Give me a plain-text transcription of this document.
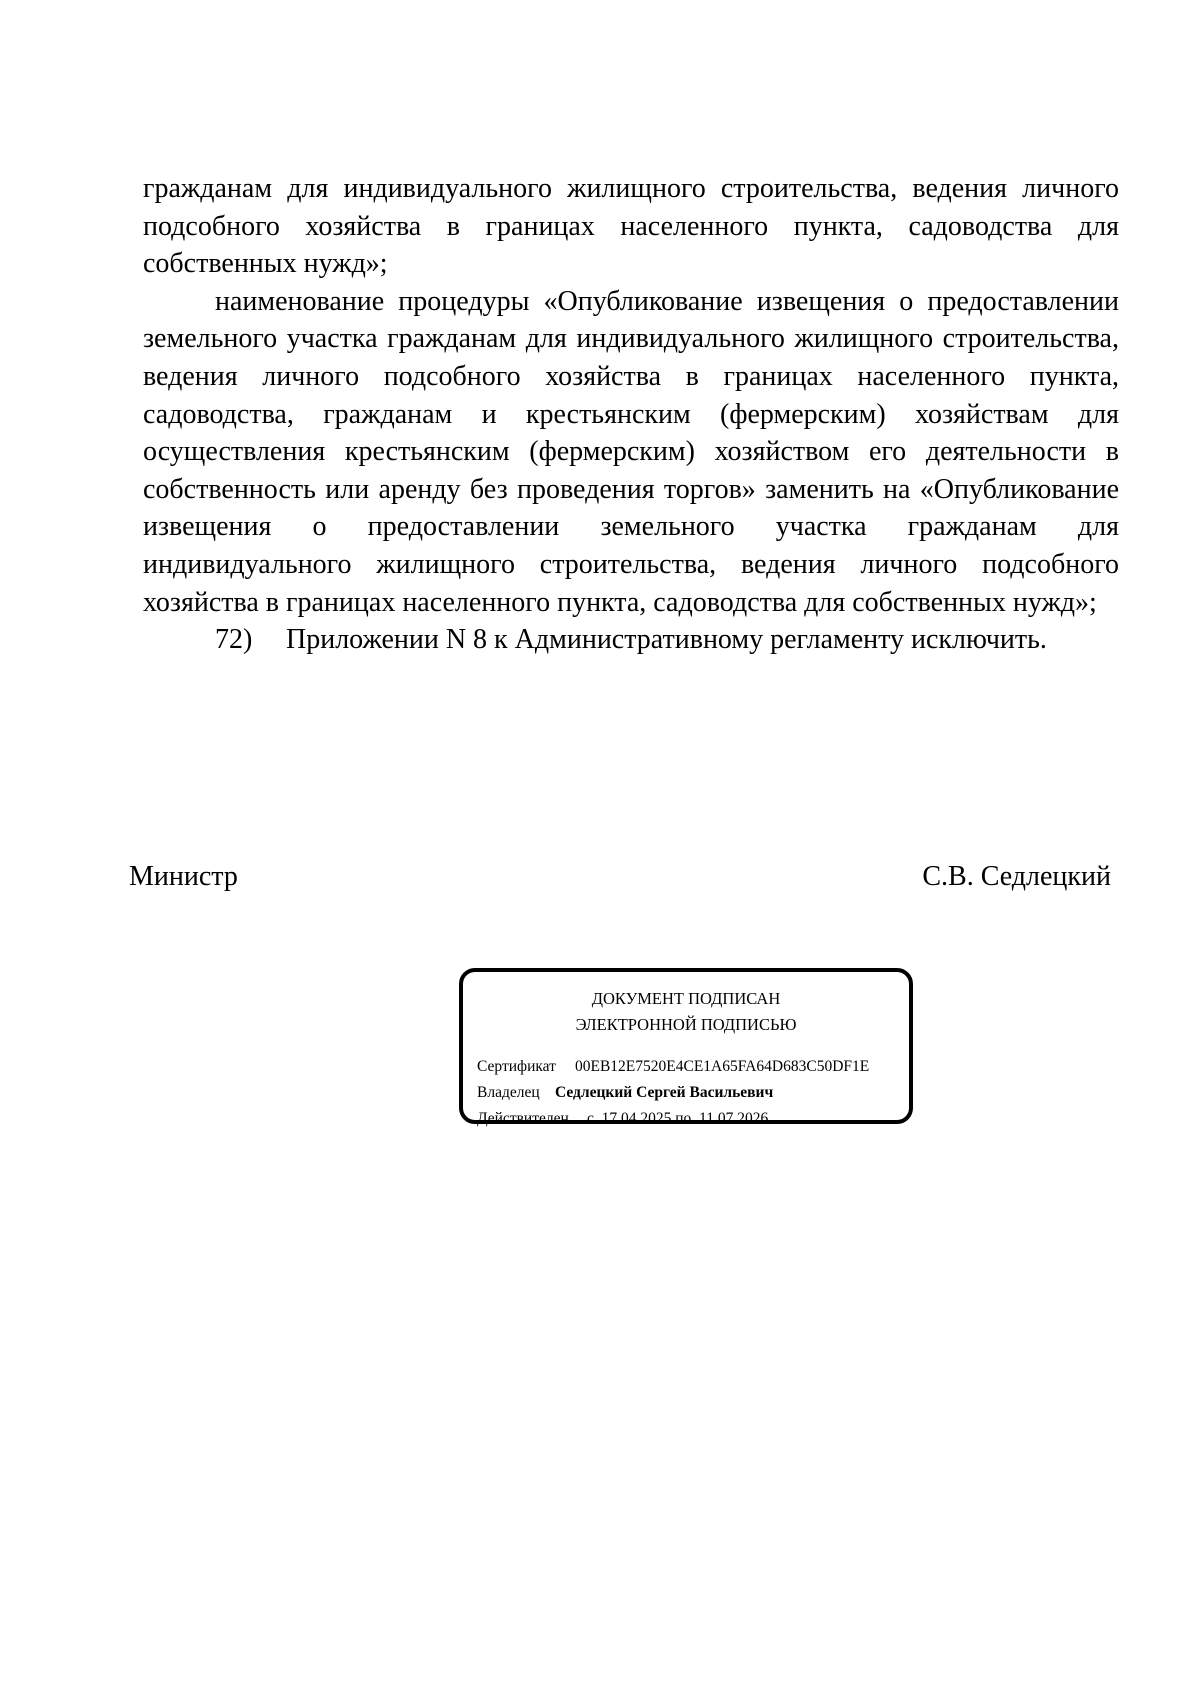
гражданам для индивидуального жилищного строительства, ведения личного подсобного хозяйства в границах населенного пункта, садоводства для собственных нужд»;

наименование процедуры «Опубликование извещения о предоставлении земельного участка гражданам для индивидуального жилищного строительства, ведения личного подсобного хозяйства в границах населенного пункта, садоводства, гражданам и крестьянским (фермерским) хозяйствам для осуществления крестьянским (фермерским) хозяйством его деятельности в собственность или аренду без проведения торгов» заменить на «Опубликование извещения о предоставлении земельного участка гражданам для индивидуального жилищного строительства, ведения личного подсобного хозяйства в границах населенного пункта, садоводства для собственных нужд»;

72) Приложении N 8 к Административному регламенту исключить.

Министр	С.В. Седлецкий
ДОКУМЕНТ ПОДПИСАН
ЭЛЕКТРОННОЙ ПОДПИСЬЮ
Сертификат 00EB12E7520E4CE1A65FA64D683C50DF1E
Владелец Седлецкий Сергей Васильевич
Действителен с  17.04.2025 по  11.07.2026
